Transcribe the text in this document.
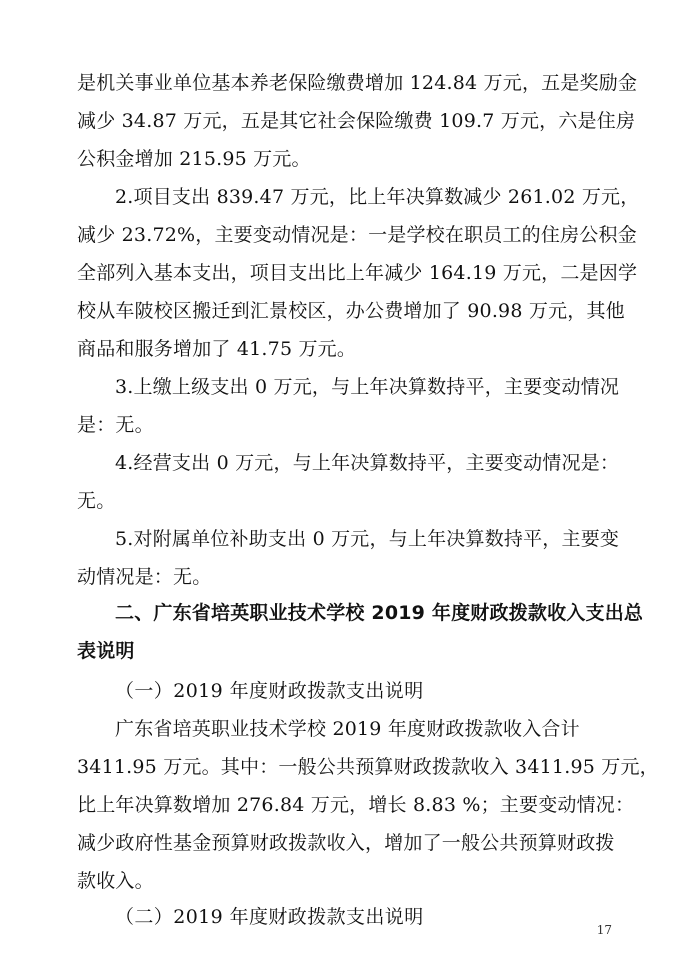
是机关事业单位基本养老保险缴费增加 124.84 万元，五是奖励金
减少 34.87 万元，五是其它社会保险缴费 109.7 万元，六是住房
公积金增加 215.95 万元。
2.项目支出 839.47 万元，比上年决算数减少 261.02 万元，
减少 23.72%，主要变动情况是：一是学校在职员工的住房公积金
全部列入基本支出，项目支出比上年减少 164.19 万元，二是因学
校从车陂校区搬迁到汇景校区，办公费增加了 90.98 万元，其他
商品和服务增加了 41.75 万元。
3.上缴上级支出 0 万元，与上年决算数持平，主要变动情况
是：无。
4.经营支出 0 万元，与上年决算数持平，主要变动情况是：
无。
5.对附属单位补助支出 0 万元，与上年决算数持平，主要变
动情况是：无。
二、广东省培英职业技术学校 2019 年度财政拨款收入支出总
表说明
（一）2019 年度财政拨款支出说明
广东省培英职业技术学校 2019 年度财政拨款收入合计
3411.95 万元。其中：一般公共预算财政拨款收入 3411.95 万元，
比上年决算数增加 276.84 万元，增长 8.83 %；主要变动情况：
减少政府性基金预算财政拨款收入，增加了一般公共预算财政拨
款收入。
（二）2019 年度财政拨款支出说明
17
